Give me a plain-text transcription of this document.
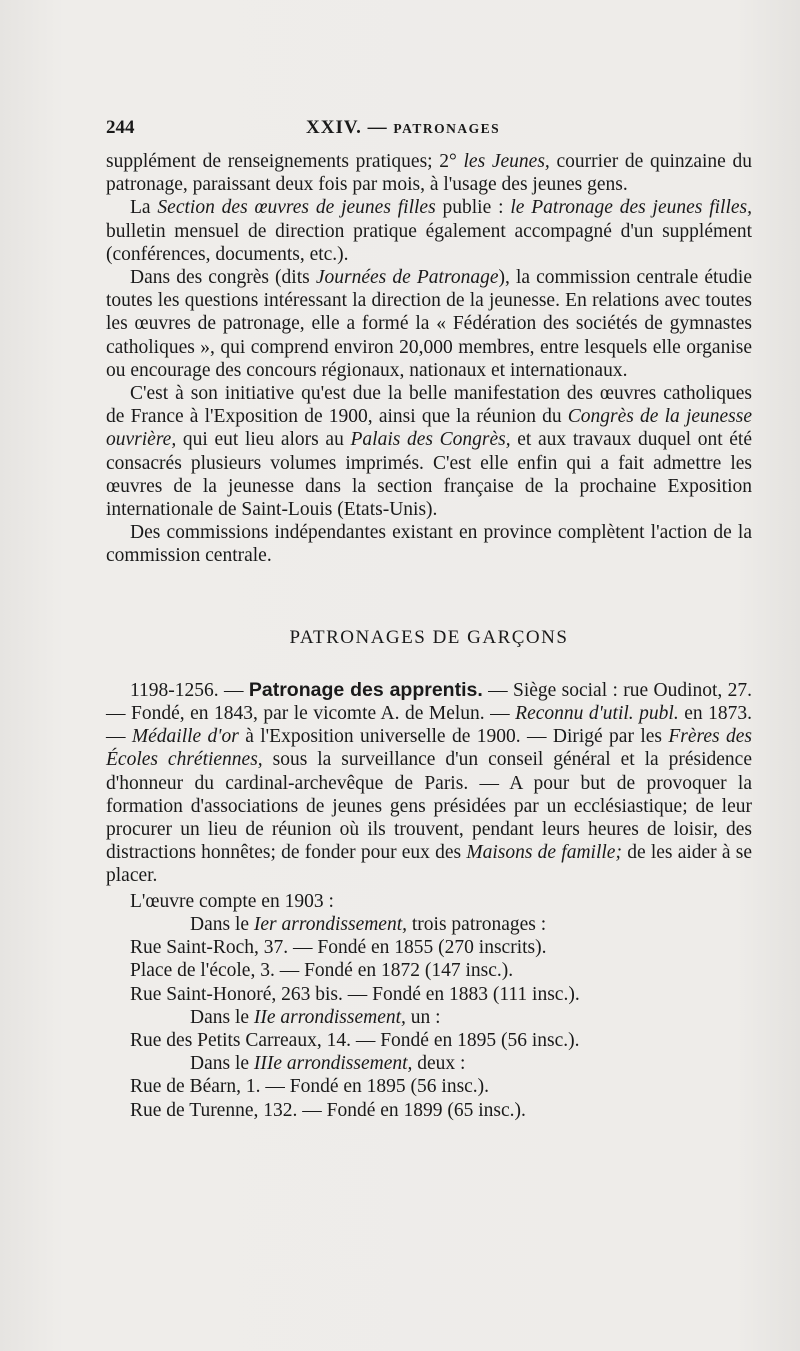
244	XXIV. — PATRONAGES

supplément de renseignements pratiques; 2° les Jeunes, courrier de quinzaine du patronage, paraissant deux fois par mois, à l'usage des jeunes gens.

La Section des œuvres de jeunes filles publie : le Patronage des jeunes filles, bulletin mensuel de direction pratique également accompagné d'un supplément (conférences, documents, etc.).

Dans des congrès (dits Journées de Patronage), la commission centrale étudie toutes les questions intéressant la direction de la jeunesse. En relations avec toutes les œuvres de patronage, elle a formé la « Fédération des sociétés de gymnastes catholiques », qui comprend environ 20,000 membres, entre lesquels elle organise ou encourage des concours régionaux, nationaux et internationaux.

C'est à son initiative qu'est due la belle manifestation des œuvres catholiques de France à l'Exposition de 1900, ainsi que la réunion du Congrès de la jeunesse ouvrière, qui eut lieu alors au Palais des Congrès, et aux travaux duquel ont été consacrés plusieurs volumes imprimés. C'est elle enfin qui a fait admettre les œuvres de la jeunesse dans la section française de la prochaine Exposition internationale de Saint-Louis (Etats-Unis).

Des commissions indépendantes existant en province complètent l'action de la commission centrale.

PATRONAGES DE GARÇONS

1198-1256. — Patronage des apprentis. — Siège social : rue Oudinot, 27. — Fondé, en 1843, par le vicomte A. de Melun. — Reconnu d'util. publ. en 1873. — Médaille d'or à l'Exposition universelle de 1900. — Dirigé par les Frères des Écoles chrétiennes, sous la surveillance d'un conseil général et la présidence d'honneur du cardinal-archevêque de Paris. — A pour but de provoquer la formation d'associations de jeunes gens présidées par un ecclésiastique; de leur procurer un lieu de réunion où ils trouvent, pendant leurs heures de loisir, des distractions honnêtes; de fonder pour eux des Maisons de famille; de les aider à se placer.

L'œuvre compte en 1903 :
Dans le Ier arrondissement, trois patronages :
Rue Saint-Roch, 37. — Fondé en 1855 (270 inscrits).
Place de l'école, 3. — Fondé en 1872 (147 insc.).
Rue Saint-Honoré, 263 bis. — Fondé en 1883 (111 insc.).
Dans le IIe arrondissement, un :
Rue des Petits Carreaux, 14. — Fondé en 1895 (56 insc.).
Dans le IIIe arrondissement, deux :
Rue de Béarn, 1. — Fondé en 1895 (56 insc.).
Rue de Turenne, 132. — Fondé en 1899 (65 insc.).
